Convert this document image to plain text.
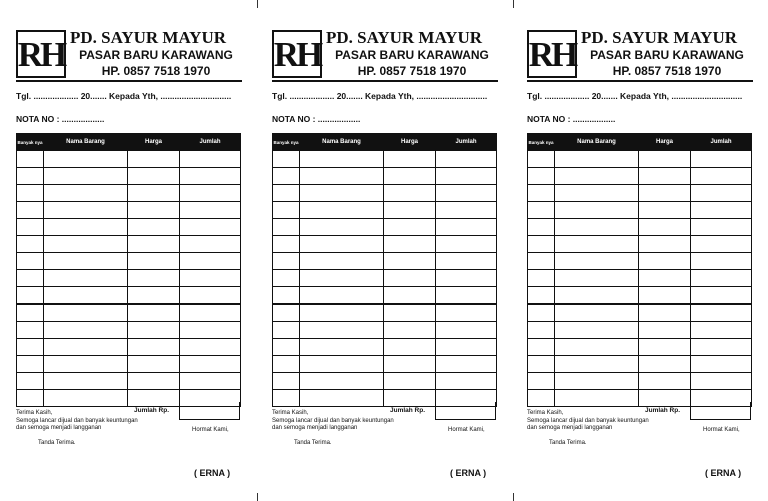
RH PD. SAYUR MAYUR
PASAR BARU KARAWANG
HP. 0857 7518 1970
Tgl. ................... 20....... Kepada Yth, ..............................
NOTA NO : ..................
Banyak nya	Nama Barang	Harga	Jumlah

Jumlah Rp.
Terima Kasih,
Semoga lancar dijual dan banyak keuntungan
dan semoga menjadi langganan	Hormat Kami,
Tanda Terima.
( ERNA )
RH PD. SAYUR MAYUR
PASAR BARU KARAWANG
HP. 0857 7518 1970
Tgl. ................... 20....... Kepada Yth, ..............................
NOTA NO : ..................
Banyak nya	Nama Barang	Harga	Jumlah

Jumlah Rp.
Terima Kasih,
Semoga lancar dijual dan banyak keuntungan
dan semoga menjadi langganan	Hormat Kami,
Tanda Terima.
( ERNA )
RH PD. SAYUR MAYUR
PASAR BARU KARAWANG
HP. 0857 7518 1970
Tgl. ................... 20....... Kepada Yth, ..............................
NOTA NO : ..................
Banyak nya	Nama Barang	Harga	Jumlah

Jumlah Rp.
Terima Kasih,
Semoga lancar dijual dan banyak keuntungan
dan semoga menjadi langganan	Hormat Kami,
Tanda Terima.
( ERNA )
